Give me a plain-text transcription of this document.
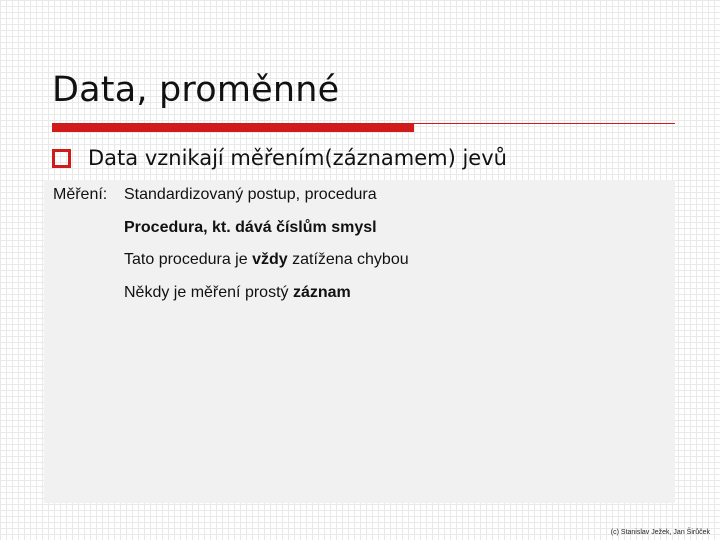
Data, proměnné
Data vznikají měřením(záznamem) jevů
Měření: Standardizovaný postup, procedura
Procedura, kt. dává číslům smysl
Tato procedura je vždy zatížena chybou
Někdy je měření prostý záznam
(c) Stanislav Ježek, Jan Širůček
